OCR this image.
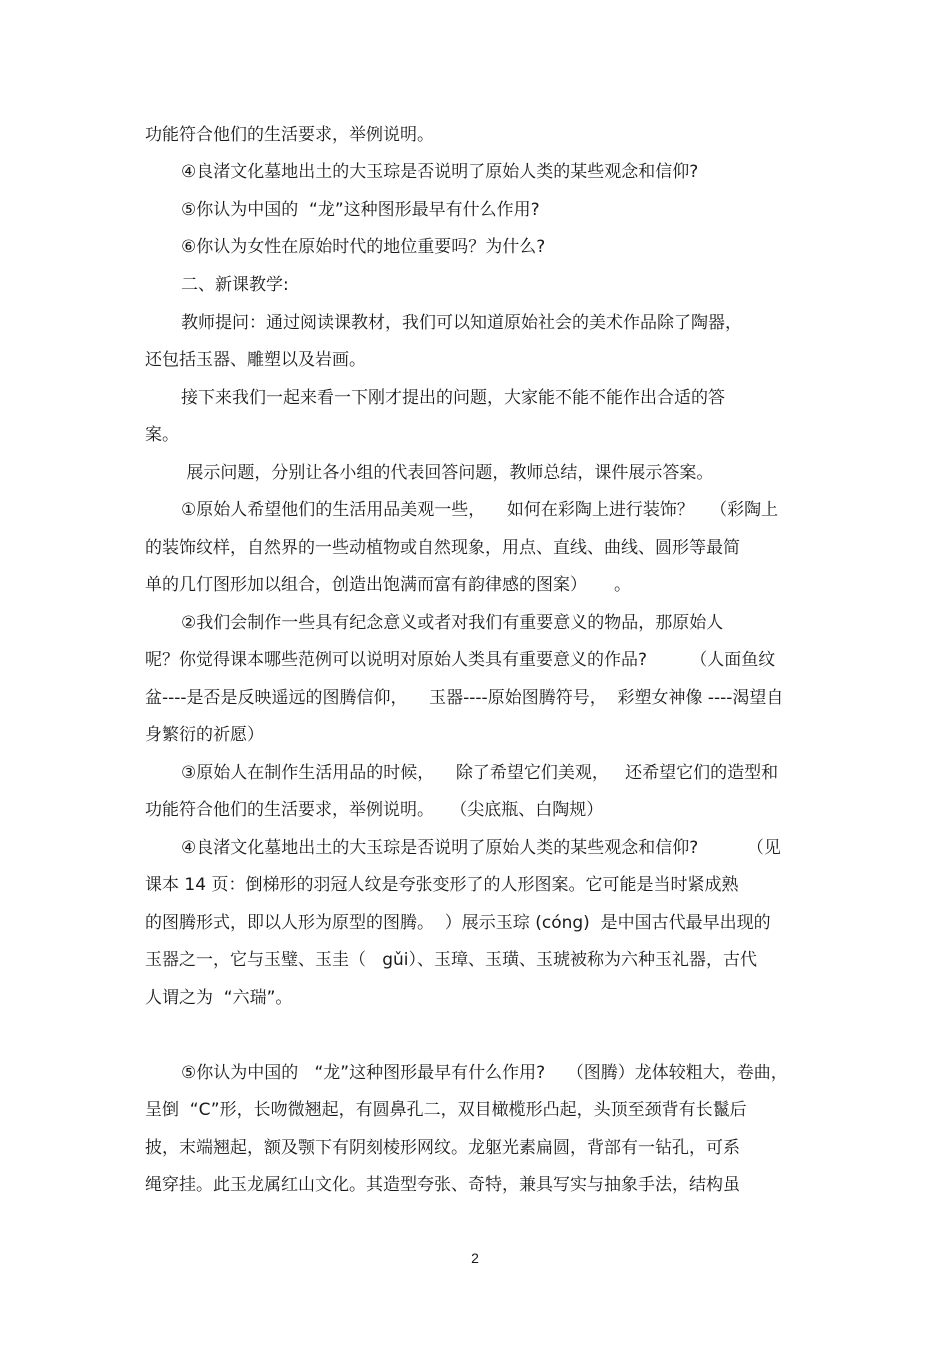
功能符合他们的生活要求，举例说明。
④良渚文化墓地出土的大玉琮是否说明了原始人类的某些观念和信仰?
⑤你认为中国的  “龙”这种图形最早有什么作用?
⑥你认为女性在原始时代的地位重要吗？为什么?
二、新课教学:
教师提问：通过阅读课教材，我们可以知道原始社会的美术作品除了陶器，
还包括玉器、雕塑以及岩画。
接下来我们一起来看一下刚才提出的问题，大家能不能不能作出合适的答
案。
展示问题，分别让各小组的代表回答问题，教师总结，课件展示答案。
①原始人希望他们的生活用品美观一些，    如何在彩陶上进行装饰？   （彩陶上
的装饰纹样，自然界的一些动植物或自然现象，用点、直线、曲线、圆形等最简
单的几仃图形加以组合，创造出饱满而富有韵律感的图案）     。
②我们会制作一些具有纪念意义或者对我们有重要意义的物品，那原始人
呢？你觉得课本哪些范例可以说明对原始人类具有重要意义的作品?        （人面鱼纹
盆----是否是反映遥远的图腾信仰，    玉器----原始图腾符号，  彩塑女神像 ----渴望自
身繁衍的祈愿）
③原始人在制作生活用品的时候，    除了希望它们美观，   还希望它们的造型和
功能符合他们的生活要求，举例说明。   （尖底瓶、白陶规）
④良渚文化墓地出土的大玉琮是否说明了原始人类的某些观念和信仰?         （见
课本 14 页：倒梯形的羽冠人纹是夸张变形了的人形图案。它可能是当时紧成熟
的图腾形式，即以人形为原型的图腾。  ）展示玉琮 (cóng)  是中国古代最早出现的
玉器之一，它与玉璧、玉圭（   gǔi）、玉璋、玉璜、玉琥被称为六种玉礼器，古代
人谓之为  “六瑞”。
⑤你认为中国的   “龙”这种图形最早有什么作用?    （图腾）龙体较粗大，卷曲，
呈倒  “C”形，长吻微翘起，有圆鼻孔二，双目橄榄形凸起，头顶至颈背有长鬣后
披，末端翘起，额及颚下有阴刻棱形网纹。龙躯光素扁圆，背部有一钻孔，可系
绳穿挂。此玉龙属红山文化。其造型夸张、奇特，兼具写实与抽象手法，结构虽
2
